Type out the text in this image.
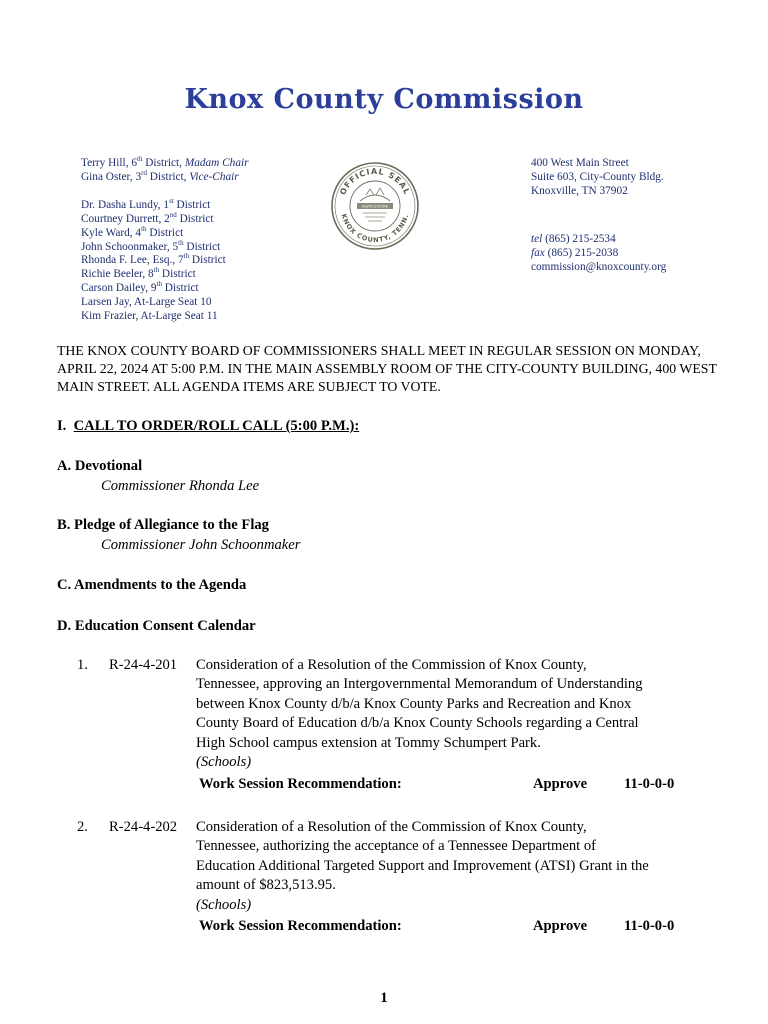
Knox County Commission
Terry Hill, 6th District, Madam Chair
Gina Oster, 3rd District, Vice-Chair
Dr. Dasha Lundy, 1st District
Courtney Durrett, 2nd District
Kyle Ward, 4th District
John Schoonmaker, 5th District
Rhonda F. Lee, Esq., 7th District
Richie Beeler, 8th District
Carson Dailey, 9th District
Larsen Jay, At-Large Seat 10
Kim Frazier, At-Large Seat 11
OFFICIAL SEAL
KNOX COUNTY, TENN.
AGRICULTURE
400 West Main Street
Suite 603, City-County Bldg.
Knoxville, TN 37902
tel (865) 215-2534
fax (865) 215-2038
commission@knoxcounty.org
THE KNOX COUNTY BOARD OF COMMISSIONERS SHALL MEET IN REGULAR SESSION ON MONDAY, APRIL 22, 2024 AT 5:00 P.M. IN THE MAIN ASSEMBLY ROOM OF THE CITY-COUNTY BUILDING, 400 WEST MAIN STREET. ALL AGENDA ITEMS ARE SUBJECT TO VOTE.
I. CALL TO ORDER/ROLL CALL (5:00 P.M.):
A. Devotional
Commissioner Rhonda Lee
B. Pledge of Allegiance to the Flag
Commissioner John Schoonmaker
C. Amendments to the Agenda
D. Education Consent Calendar
1. R-24-4-201 Consideration of a Resolution of the Commission of Knox County,
Tennessee, approving an Intergovernmental Memorandum of Understanding
between Knox County d/b/a Knox County Parks and Recreation and Knox
County Board of Education d/b/a Knox County Schools regarding a Central
High School campus extension at Tommy Schumpert Park.
(Schools)
Work Session Recommendation:	Approve	11-0-0-0
2. R-24-4-202 Consideration of a Resolution of the Commission of Knox County,
Tennessee, authorizing the acceptance of a Tennessee Department of
Education Additional Targeted Support and Improvement (ATSI) Grant in the
amount of $823,513.95.
(Schools)
Work Session Recommendation:	Approve	11-0-0-0
1
